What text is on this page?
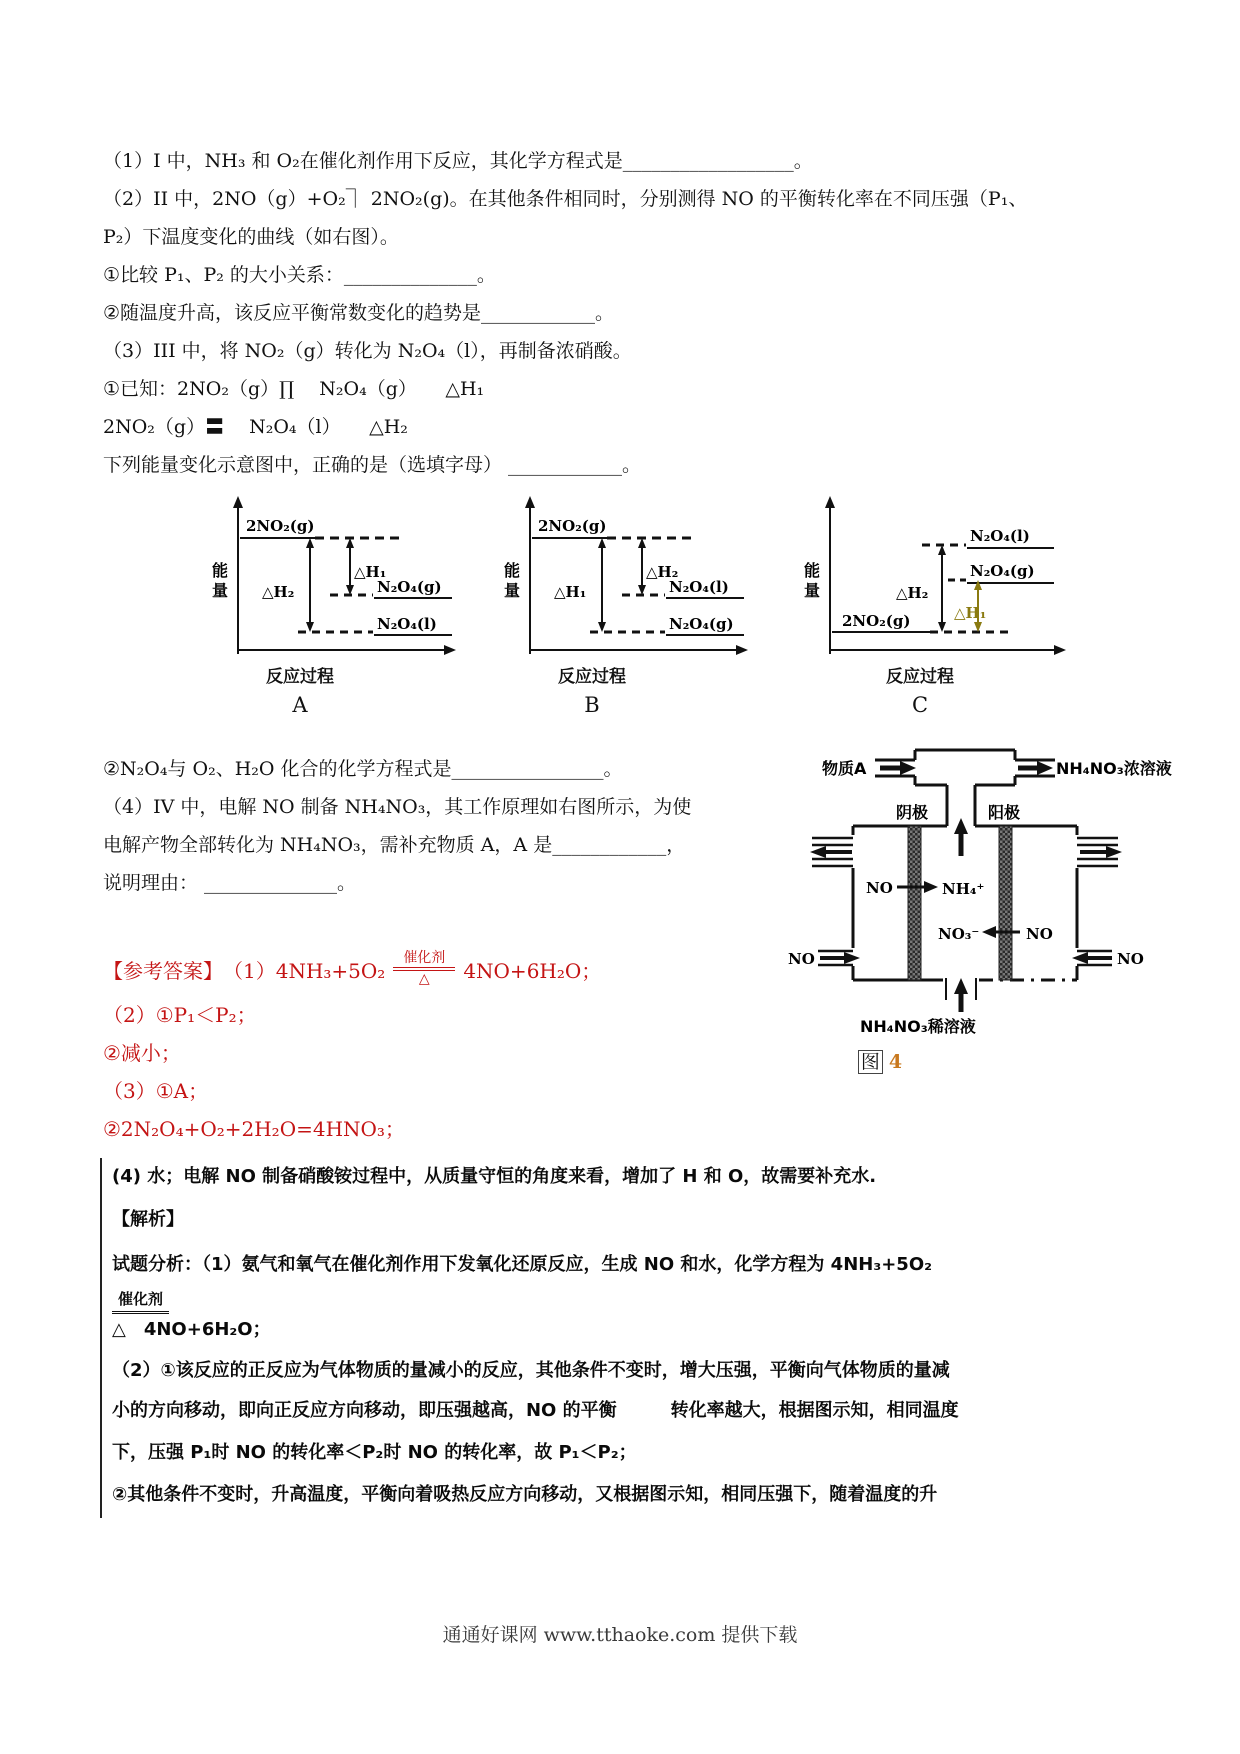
（1）I 中，NH₃ 和 O₂在催化剂作用下反应，其化学方程式是__________________。
（2）II 中，2NO（g）+O₂⏋ 2NO₂(g)。在其他条件相同时，分别测得 NO 的平衡转化率在不同压强（P₁、
P₂）下温度变化的曲线（如右图）。
①比较 P₁、P₂ 的大小关系：______________。
②随温度升高，该反应平衡常数变化的趋势是____________。
（3）III 中，将 NO₂（g）转化为 N₂O₄（l），再制备浓硝酸。
①已知：2NO₂（g）∏　 N₂O₄（g）　　△H₁
2NO₂（g）〓　 N₂O₄（l）　　△H₂
下列能量变化示意图中，正确的是（选填字母） ____________。
能
量
2NO₂(g)
△H₂
△H₁
N₂O₄(g)
N₂O₄(l)
反应过程
A
能
量
2NO₂(g)
△H₁
△H₂
N₂O₄(l)
N₂O₄(g)
反应过程
B
能
量
2NO₂(g)
N₂O₄(l)
N₂O₄(g)
△H₂
△H₁
反应过程
C
②N₂O₄与 O₂、H₂O 化合的化学方程式是________________。
（4）IV 中，电解 NO 制备 NH₄NO₃，其工作原理如右图所示，为使
电解产物全部转化为 NH₄NO₃，需补充物质 A，A 是____________，
说明理由： ______________。
物质A	NH₄NO₃浓溶液
阴极	阳极
NO	NO
NO	NH₄⁺
NO₃⁻	NO
NH₄NO₃稀溶液
图 4
【参考答案】 （1）4NH₃+5O₂
催化剂
△ 4NO+6H₂O；
（2）①P₁＜P₂；
②减小；
（3）①A；
②2N₂O₄+O₂+2H₂O=4HNO₃；
(4) 水；电解 NO 制备硝酸铵过程中，从质量守恒的角度来看，增加了 H 和 O，故需要补充水.
【解析】
试题分析：（1）氨气和氧气在催化剂作用下发氧化还原反应，生成 NO 和水，化学方程为 4NH₃+5O₂
催化剂
△　4NO+6H₂O；
（2）①该反应的正反应为气体物质的量减小的反应，其他条件不变时，增大压强，平衡向气体物质的量减
小的方向移动，即向正反应方向移动，即压强越高，NO 的平衡　　　转化率越大，根据图示知，相同温度
下，压强 P₁时 NO 的转化率＜P₂时 NO 的转化率，故 P₁＜P₂；
②其他条件不变时，升高温度，平衡向着吸热反应方向移动，又根据图示知，相同压强下，随着温度的升
通通好课网 www.tthaoke.com 提供下载
